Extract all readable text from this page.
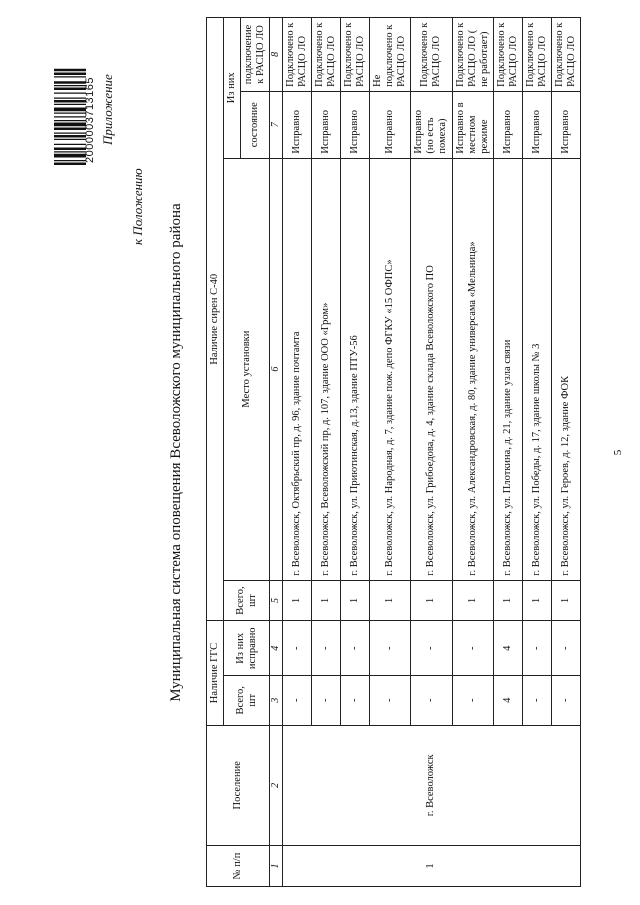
2000003713165 Приложение
к Положению Муниципальная система оповещения Всеволожского муниципального района
№ п/п	Поселение	Наличие ГГС		Наличие сирен С-40			
		Всего, шт	Из них исправно	Всего, шт	Место установки	Из них	
						состояние	подключение к РАСЦО ЛО
1	2	3	4	5	6	7	8
1	г. Всеволожск	-	-	1	г. Всеволожск, Октябрьский пр, д. 96, здание почтамта	Исправно	Подключено к РАСЦО ЛО
		-	-	1	г. Всеволожск, Всеволожский пр, д. 107, здание ООО «Гром»	Исправно	Подключено к РАСЦО ЛО
		-	-	1	г. Всеволожск, ул. Приютинская, д.13, здание ПТУ-56	Исправно	Подключено к РАСЦО ЛО
		-	-	1	г. Всеволожск, ул. Народная, д. 7, здание пож. депо ФГКУ «15 ОФПС»	Исправно	Не подключено к РАСЦО ЛО
		-	-	1	г. Всеволожск, ул. Грибоедова, д. 4, здание склада Всеволожского ПО	Исправно (но есть помеха)	Подключено к РАСЦО ЛО
		-	-	1	г. Всеволожск, ул. Александровская, д. 80, здание универсама «Мельница»	Исправно в местном режиме	Подключено к РАСЦО ЛО ( не работает)
		4	4	1	г. Всеволожск, ул. Плоткина, д. 21, здание узла связи	Исправно	Подключено к РАСЦО ЛО
		-	-	1	г. Всеволожск, ул. Победы, д. 17, здание школы № 3	Исправно	Подключено к РАСЦО ЛО
		-	-	1	г. Всеволожск, ул. Героев, д. 12, здание ФОК	Исправно	Подключено к РАСЦО ЛО
5
